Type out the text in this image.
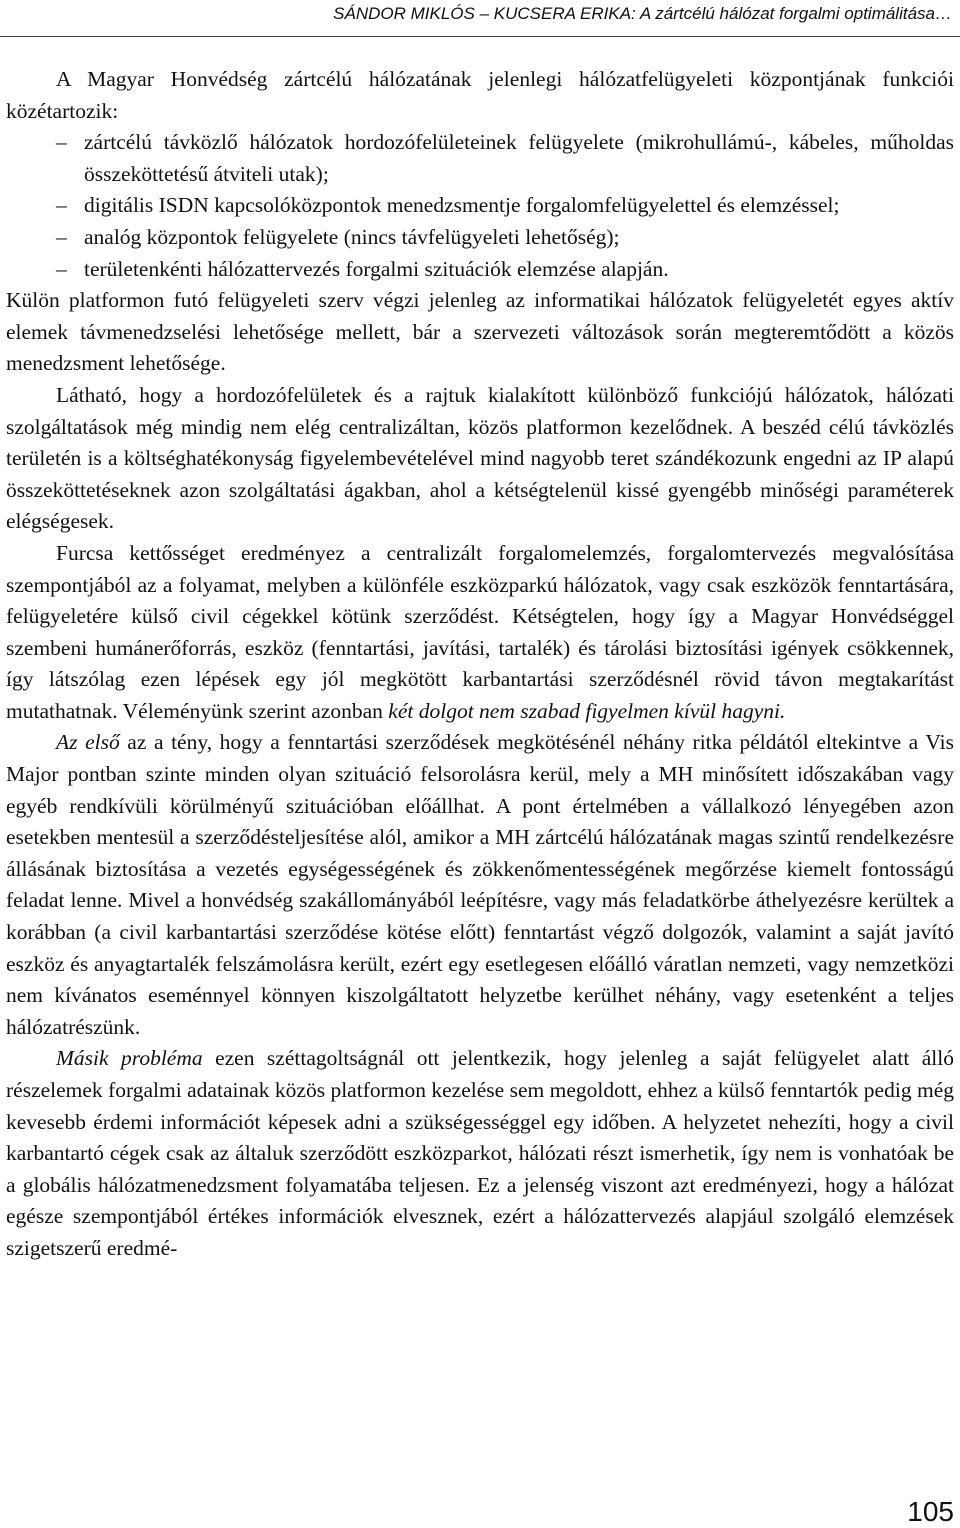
SÁNDOR MIKLÓS – KUCSERA ERIKA: A zártcélú hálózat forgalmi optimálitása…

A Magyar Honvédség zártcélú hálózatának jelenlegi hálózatfelügyeleti központjának funkciói közétartozik:

– zártcélú távközlő hálózatok hordozófelületeinek felügyelete (mikrohullámú-, kábeles, műholdas összeköttetésű átviteli utak);
– digitális ISDN kapcsolóközpontok menedzsmentje forgalomfelügyelettel és elemzéssel;
– analóg központok felügyelete (nincs távfelügyeleti lehetőség);
– területenkénti hálózattervezés forgalmi szituációk elemzése alapján.

Külön platformon futó felügyeleti szerv végzi jelenleg az informatikai hálózatok felügyeletét egyes aktív elemek távmenedzselési lehetősége mellett, bár a szervezeti változások során megteremtődött a közös menedzsment lehetősége.

Látható, hogy a hordozófelületek és a rajtuk kialakított különböző funkciójú hálózatok, hálózati szolgáltatások még mindig nem elég centralizáltan, közös platformon kezelődnek. A beszéd célú távközlés területén is a költséghatékonyság figyelembevételével mind nagyobb teret szándékozunk engedni az IP alapú összeköttetéseknek azon szolgáltatási ágakban, ahol a kétségtelenül kissé gyengébb minőségi paraméterek elégségesek.

Furcsa kettősséget eredményez a centralizált forgalomelemzés, forgalomtervezés megvalósítása szempontjából az a folyamat, melyben a különféle eszközparkú hálózatok, vagy csak eszközök fenntartására, felügyeletére külső civil cégekkel kötünk szerződést. Kétségtelen, hogy így a Magyar Honvédséggel szembeni humánerőforrás, eszköz (fenntartási, javítási, tartalék) és tárolási biztosítási igények csökkennek, így látszólag ezen lépések egy jól megkötött karbantartási szerződésnél rövid távon megtakarítást mutathatnak. Véleményünk szerint azonban két dolgot nem szabad figyelmen kívül hagyni.

Az első az a tény, hogy a fenntartási szerződések megkötésénél néhány ritka példától eltekintve a Vis Major pontban szinte minden olyan szituáció felsorolásra kerül, mely a MH minősített időszakában vagy egyéb rendkívüli körülményű szituációban előállhat. A pont értelmében a vállalkozó lényegében azon esetekben mentesül a szerződésteljesítése alól, amikor a MH zártcélú hálózatának magas szintű rendelkezésre állásának biztosítása a vezetés egységességének és zökkenőmentességének megőrzése kiemelt fontosságú feladat lenne. Mivel a honvédség szakállományából leépítésre, vagy más feladatkörbe áthelyezésre kerültek a korábban (a civil karbantartási szerződése kötése előtt) fenntartást végző dolgozók, valamint a saját javító eszköz és anyagtartalék felszámolásra került, ezért egy esetlegesen előálló váratlan nemzeti, vagy nemzetközi nem kívánatos eseménnyel könnyen kiszolgáltatott helyzetbe kerülhet néhány, vagy esetenként a teljes hálózatrészünk.

Másik probléma ezen széttagoltságnál ott jelentkezik, hogy jelenleg a saját felügyelet alatt álló részelemek forgalmi adatainak közös platformon kezelése sem megoldott, ehhez a külső fenntartók pedig még kevesebb érdemi információt képesek adni a szükségességgel egy időben. A helyzetet nehezíti, hogy a civil karbantartó cégek csak az általuk szerződött eszközparkot, hálózati részt ismerhetik, így nem is vonhatóak be a globális hálózatmenedzsment folyamatába teljesen. Ez a jelenség viszont azt eredményezi, hogy a hálózat egésze szempontjából értékes információk elvesznek, ezért a hálózattervezés alapjául szolgáló elemzések szigetszerű eredmé-

105
